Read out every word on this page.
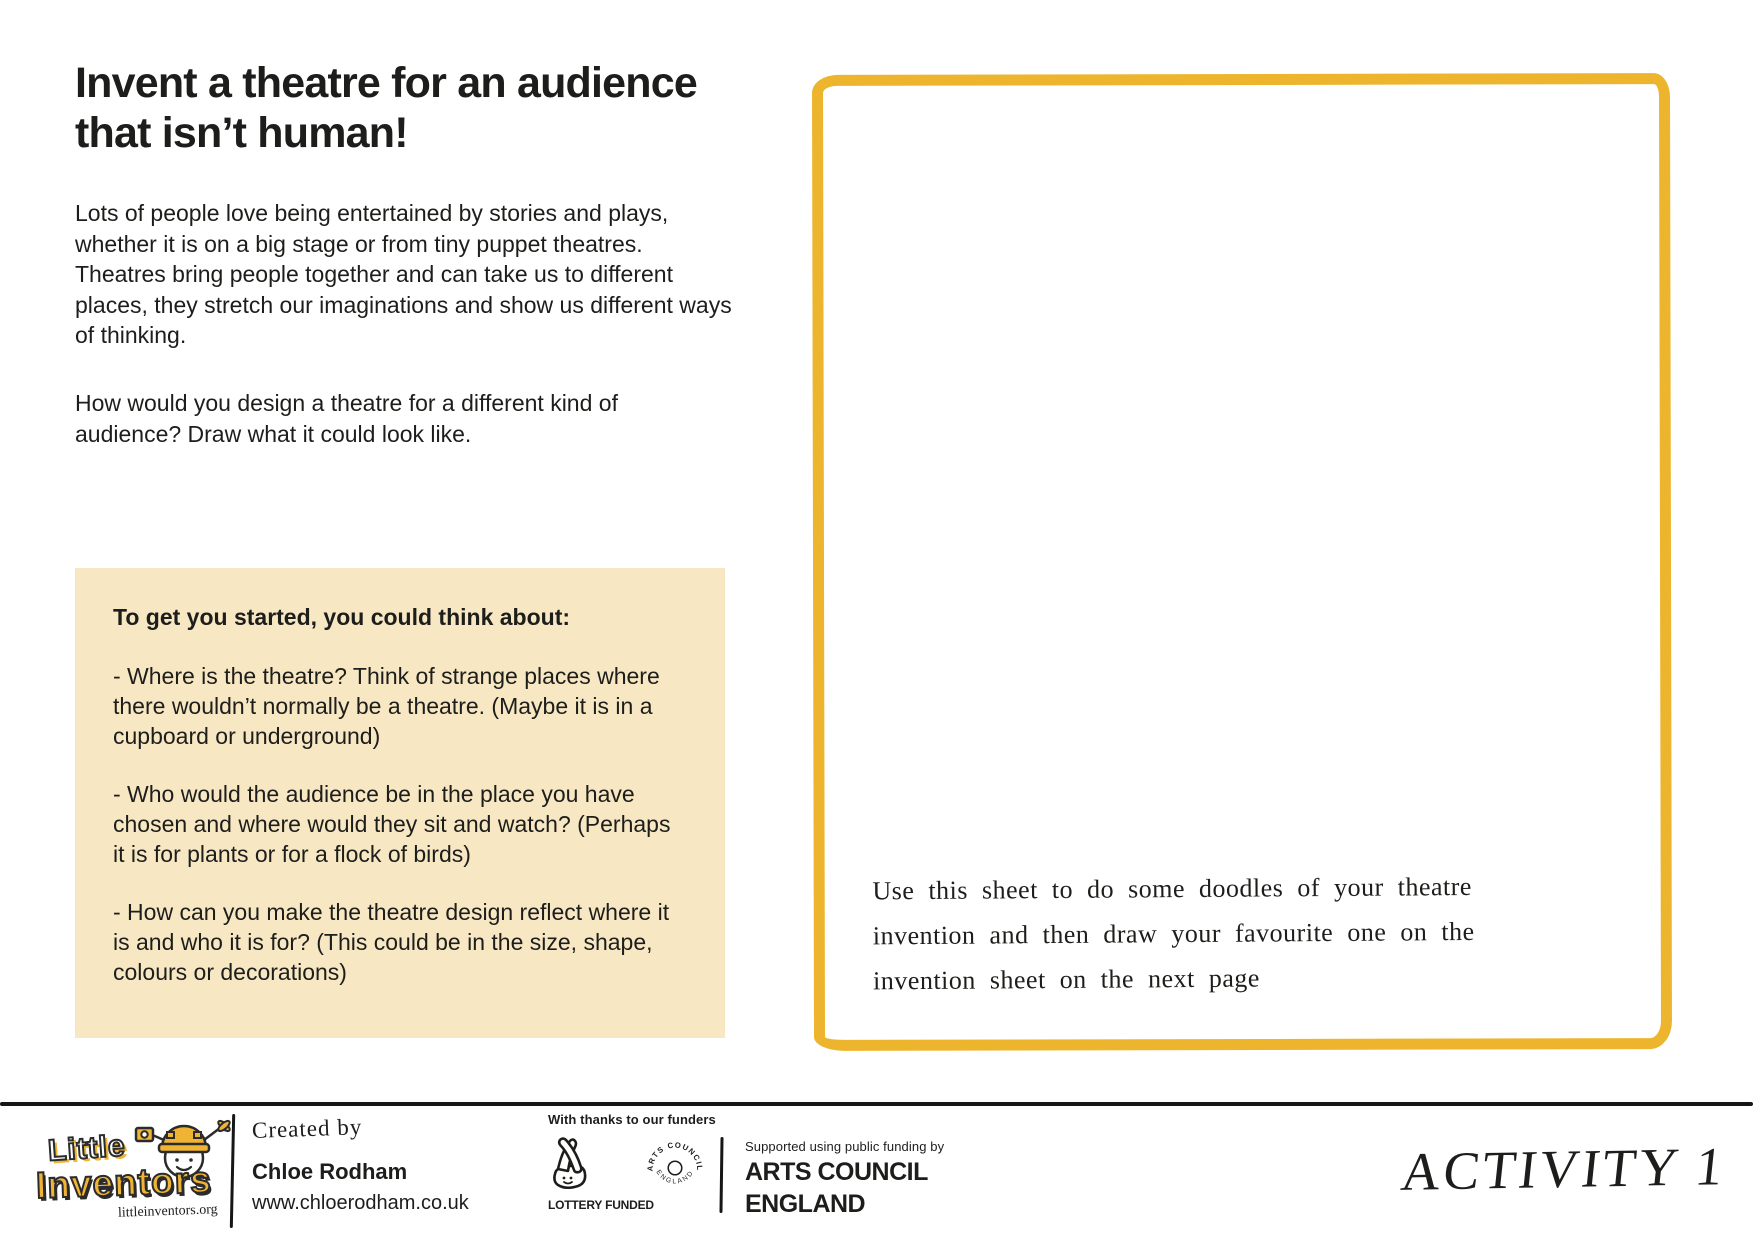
Invent a theatre for an audience
that isn’t human!

Lots of people love being entertained by stories and plays, whether it is on a big stage or from tiny puppet theatres. Theatres bring people together and can take us to different places, they stretch our imaginations and show us different ways of thinking.

How would you design a theatre for a different kind of audience? Draw what it could look like.

To get you started, you could think about:

- Where is the theatre? Think of strange places where there wouldn’t normally be a theatre. (Maybe it is in a cupboard or underground)

- Who would the audience be in the place you have chosen and where would they sit and watch? (Perhaps it is for plants or for a flock of birds)

- How can you make the theatre design reflect where it is and who it is for? (This could be in the size, shape, colours or decorations)

Use this sheet to do some doodles of your theatre
invention and then draw your favourite one on the
invention sheet on the next page
Little
Inventors
littleinventors.org
Created by
Chloe Rodham
www.chloerodham.co.uk
With thanks to our funders
LOTTERY FUNDED
ARTS COUNCIL
ENGLAND
Supported using public funding by
ARTS COUNCIL
ENGLAND
ACTIVITY 1
